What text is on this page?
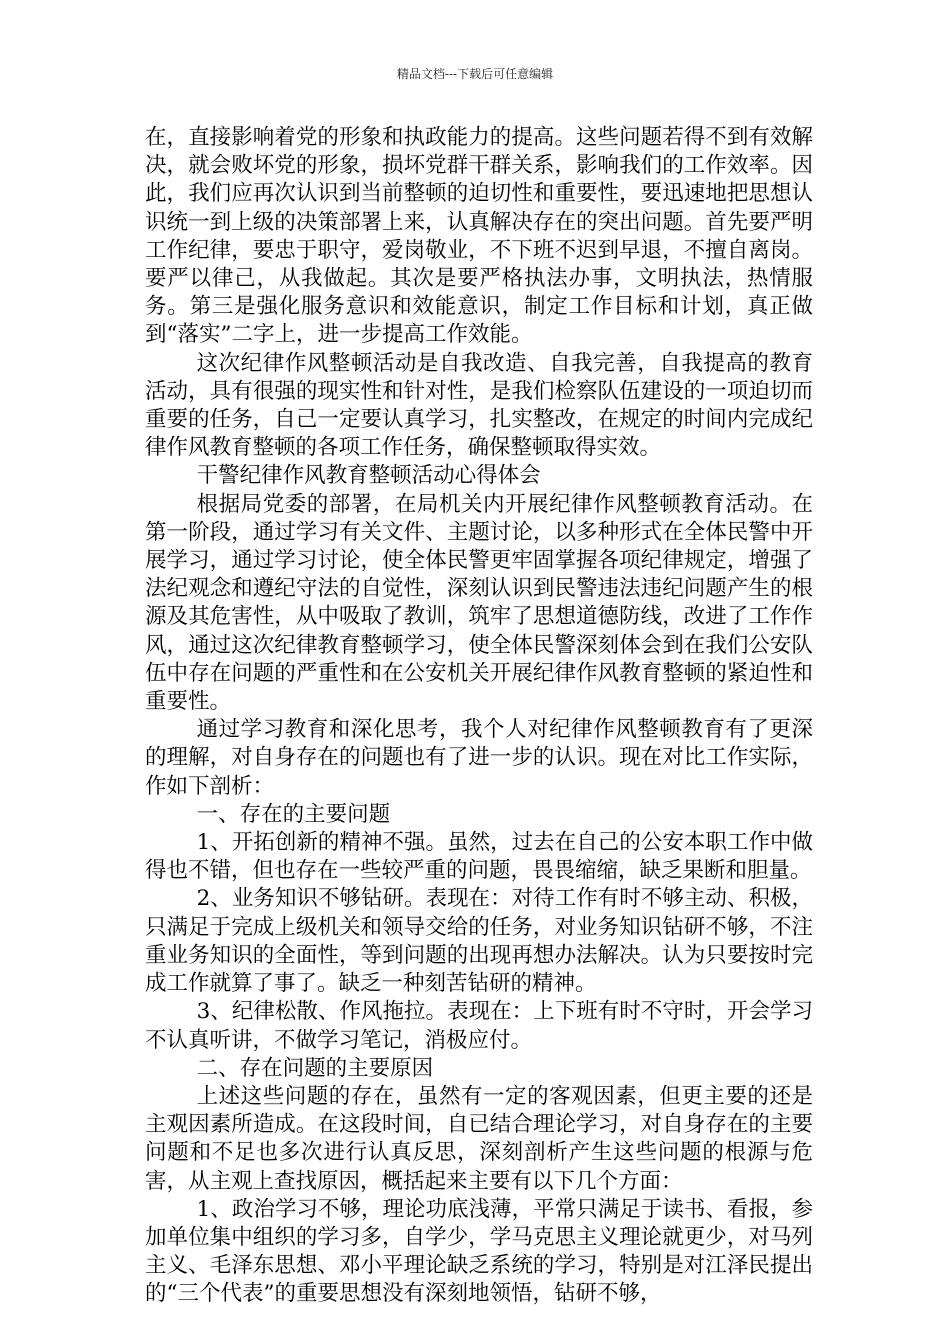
精品文档---下载后可任意编辑

在，直接影响着党的形象和执政能力的提高。这些问题若得不到有效解决，就会败坏党的形象，损坏党群干群关系，影响我们的工作效率。因此，我们应再次认识到当前整顿的迫切性和重要性，要迅速地把思想认识统一到上级的决策部署上来，认真解决存在的突出问题。首先要严明工作纪律，要忠于职守，爱岗敬业，不下班不迟到早退，不擅自离岗。要严以律己，从我做起。其次是要严格执法办事，文明执法，热情服务。第三是强化服务意识和效能意识，制定工作目标和计划，真正做到“落实”二字上，进一步提高工作效能。

这次纪律作风整顿活动是自我改造、自我完善，自我提高的教育活动，具有很强的现实性和针对性，是我们检察队伍建设的一项迫切而重要的任务，自己一定要认真学习，扎实整改，在规定的时间内完成纪律作风教育整顿的各项工作任务，确保整顿取得实效。

干警纪律作风教育整顿活动心得体会

根据局党委的部署，在局机关内开展纪律作风整顿教育活动。在第一阶段，通过学习有关文件、主题讨论，以多种形式在全体民警中开展学习，通过学习讨论，使全体民警更牢固掌握各项纪律规定，增强了法纪观念和遵纪守法的自觉性，深刻认识到民警违法违纪问题产生的根源及其危害性，从中吸取了教训，筑牢了思想道德防线，改进了工作作风，通过这次纪律教育整顿学习，使全体民警深刻体会到在我们公安队伍中存在问题的严重性和在公安机关开展纪律作风教育整顿的紧迫性和重要性。

通过学习教育和深化思考，我个人对纪律作风整顿教育有了更深的理解，对自身存在的问题也有了进一步的认识。现在对比工作实际，作如下剖析：

一、存在的主要问题

1、开拓创新的精神不强。虽然，过去在自己的公安本职工作中做得也不错，但也存在一些较严重的问题，畏畏缩缩，缺乏果断和胆量。

2、业务知识不够钻研。表现在：对待工作有时不够主动、积极，只满足于完成上级机关和领导交给的任务，对业务知识钻研不够，不注重业务知识的全面性，等到问题的出现再想办法解决。认为只要按时完成工作就算了事了。缺乏一种刻苦钻研的精神。

3、纪律松散、作风拖拉。表现在：上下班有时不守时，开会学习不认真听讲，不做学习笔记，消极应付。

二、存在问题的主要原因

上述这些问题的存在，虽然有一定的客观因素，但更主要的还是主观因素所造成。在这段时间，自已结合理论学习，对自身存在的主要问题和不足也多次进行认真反思，深刻剖析产生这些问题的根源与危害，从主观上查找原因，概括起来主要有以下几个方面：

1、政治学习不够，理论功底浅薄，平常只满足于读书、看报，参加单位集中组织的学习多，自学少，学马克思主义理论就更少，对马列主义、毛泽东思想、邓小平理论缺乏系统的学习，特别是对江泽民提出的“三个代表”的重要思想没有深刻地领悟，钻研不够，
